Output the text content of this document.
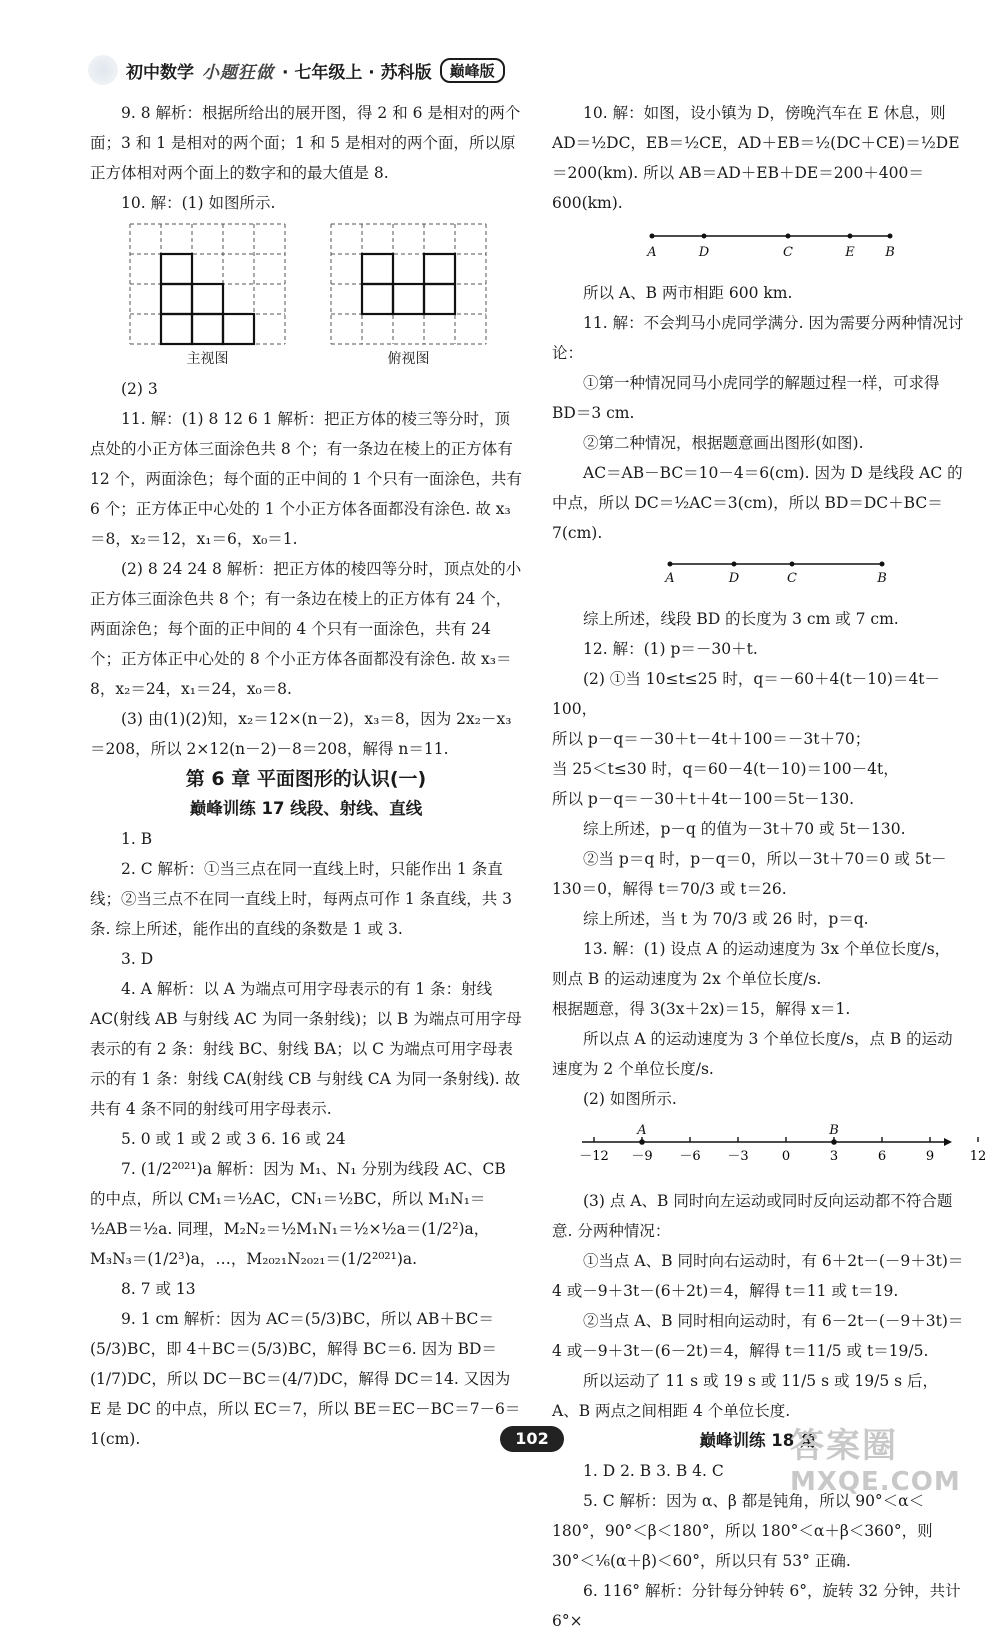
初中数学 小题狂做 · 七年级上 · 苏科版	巅峰版

9. 8 解析：根据所给出的展开图，得 2 和 6 是相对的两个面；3 和 1 是相对的两个面；1 和 5 是相对的两个面，所以原正方体相对两个面上的数字和的最大值是 8.

10. 解：(1) 如图所示.

主视图	俯视图

(2) 3

11. 解：(1) 8 12 6 1 解析：把正方体的棱三等分时，顶点处的小正方体三面涂色共 8 个；有一条边在棱上的正方体有 12 个，两面涂色；每个面的正中间的 1 个只有一面涂色，共有 6 个；正方体正中心处的 1 个小正方体各面都没有涂色. 故 x₃＝8，x₂＝12，x₁＝6，x₀＝1.

(2) 8 24 24 8 解析：把正方体的棱四等分时，顶点处的小正方体三面涂色共 8 个；有一条边在棱上的正方体有 24 个，两面涂色；每个面的正中间的 4 个只有一面涂色，共有 24 个；正方体正中心处的 8 个小正方体各面都没有涂色. 故 x₃＝8，x₂＝24，x₁＝24，x₀＝8.

(3) 由(1)(2)知，x₂＝12×(n－2)，x₃＝8，因为 2x₂－x₃＝208，所以 2×12(n－2)－8＝208，解得 n＝11.

第 6 章 平面图形的认识(一)

巅峰训练 17 线段、射线、直线

1. B

2. C 解析：①当三点在同一直线上时，只能作出 1 条直线；②当三点不在同一直线上时，每两点可作 1 条直线，共 3 条. 综上所述，能作出的直线的条数是 1 或 3.

3. D

4. A 解析：以 A 为端点可用字母表示的有 1 条：射线 AC(射线 AB 与射线 AC 为同一条射线)；以 B 为端点可用字母表示的有 2 条：射线 BC、射线 BA；以 C 为端点可用字母表示的有 1 条：射线 CA(射线 CB 与射线 CA 为同一条射线). 故共有 4 条不同的射线可用字母表示.

5. 0 或 1 或 2 或 3 6. 16 或 24

7. (1/2²⁰²¹)a 解析：因为 M₁、N₁ 分别为线段 AC、CB 的中点，所以 CM₁＝½AC，CN₁＝½BC，所以 M₁N₁＝½AB＝½a. 同理，M₂N₂＝½M₁N₁＝½×½a＝(1/2²)a，M₃N₃＝(1/2³)a，…，M₂₀₂₁N₂₀₂₁＝(1/2²⁰²¹)a.

8. 7 或 13

9. 1 cm 解析：因为 AC＝(5/3)BC，所以 AB＋BC＝(5/3)BC，即 4＋BC＝(5/3)BC，解得 BC＝6. 因为 BD＝(1/7)DC，所以 DC－BC＝(4/7)DC，解得 DC＝14. 又因为 E 是 DC 的中点，所以 EC＝7，所以 BE＝EC－BC＝7－6＝1(cm).

10. 解：如图，设小镇为 D，傍晚汽车在 E 休息，则 AD＝½DC，EB＝½CE，AD＋EB＝½(DC＋CE)＝½DE＝200(km). 所以 AB＝AD＋EB＋DE＝200＋400＝600(km).

A	D	C	E B

所以 A、B 两市相距 600 km.

11. 解：不会判马小虎同学满分. 因为需要分两种情况讨论：

①第一种情况同马小虎同学的解题过程一样，可求得 BD＝3 cm.

②第二种情况，根据题意画出图形(如图).

AC＝AB－BC＝10－4＝6(cm). 因为 D 是线段 AC 的中点，所以 DC＝½AC＝3(cm)，所以 BD＝DC＋BC＝7(cm).

A	D	C	B

综上所述，线段 BD 的长度为 3 cm 或 7 cm.

12. 解：(1) p＝－30＋t.

(2) ①当 10≤t≤25 时，q＝－60＋4(t－10)＝4t－100，

所以 p－q＝－30＋t－4t＋100＝－3t＋70；

当 25＜t≤30 时，q＝60－4(t－10)＝100－4t，

所以 p－q＝－30＋t＋4t－100＝5t－130.

综上所述，p－q 的值为－3t＋70 或 5t－130.

②当 p＝q 时，p－q＝0，所以－3t＋70＝0 或 5t－130＝0，解得 t＝70/3 或 t＝26.

综上所述，当 t 为 70/3 或 26 时，p＝q.

13. 解：(1) 设点 A 的运动速度为 3x 个单位长度/s，则点 B 的运动速度为 2x 个单位长度/s.

根据题意，得 3(3x＋2x)＝15，解得 x＝1.

所以点 A 的运动速度为 3 个单位长度/s，点 B 的运动速度为 2 个单位长度/s.

(2) 如图所示.

－12 －9 －6 －3	0	3	6	9	12
A	B

(3) 点 A、B 同时向左运动或同时反向运动都不符合题意. 分两种情况：

①当点 A、B 同时向右运动时，有 6＋2t－(－9＋3t)＝4 或－9＋3t－(6＋2t)＝4，解得 t＝11 或 t＝19.

②当点 A、B 同时相向运动时，有 6－2t－(－9＋3t)＝4 或－9＋3t－(6－2t)＝4，解得 t＝11/5 或 t＝19/5.

所以运动了 11 s 或 19 s 或 11/5 s 或 19/5 s 后，A、B 两点之间相距 4 个单位长度.

巅峰训练 18 角

1. D 2. B 3. B 4. C

5. C 解析：因为 α、β 都是钝角，所以 90°＜α＜180°，90°＜β＜180°，所以 180°＜α＋β＜360°，则 30°＜⅙(α＋β)＜60°，所以只有 53° 正确.

6. 116° 解析：分针每分钟转 6°，旋转 32 分钟，共计 6°×

102	答案圈
MXQE.COM
